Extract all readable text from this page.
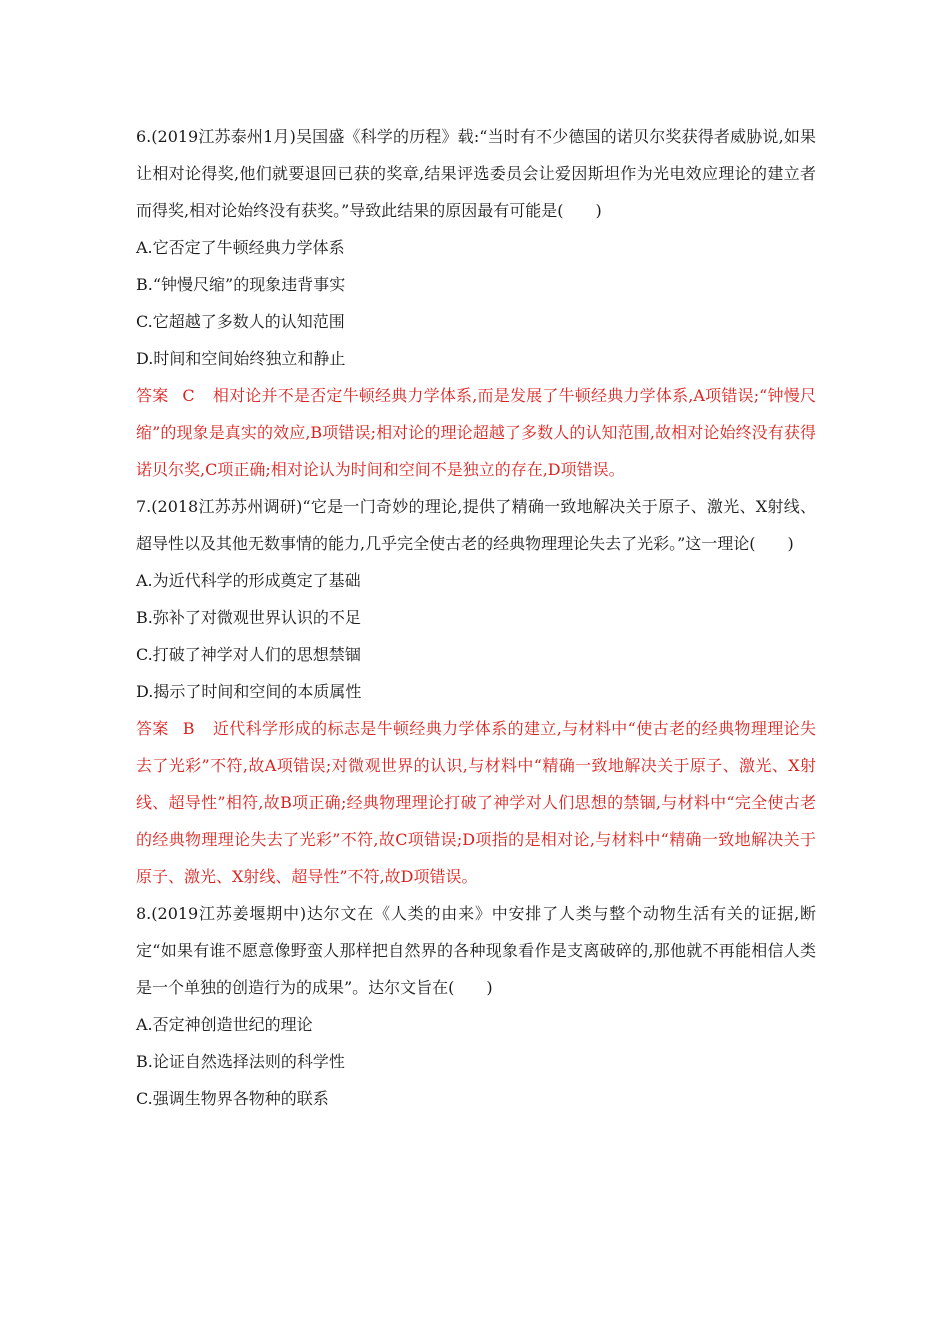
6.(2019江苏泰州1月)吴国盛《科学的历程》载:“当时有不少德国的诺贝尔奖获得者威胁说,如果让相对论得奖,他们就要退回已获的奖章,结果评选委员会让爱因斯坦作为光电效应理论的建立者而得奖,相对论始终没有获奖。”导致此结果的原因最有可能是(　　)

A.它否定了牛顿经典力学体系

B.“钟慢尺缩”的现象违背事实

C.它超越了多数人的认知范围

D.时间和空间始终独立和静止

答案 C 相对论并不是否定牛顿经典力学体系,而是发展了牛顿经典力学体系,A项错误;“钟慢尺缩”的现象是真实的效应,B项错误;相对论的理论超越了多数人的认知范围,故相对论始终没有获得诺贝尔奖,C项正确;相对论认为时间和空间不是独立的存在,D项错误。

7.(2018江苏苏州调研)“它是一门奇妙的理论,提供了精确一致地解决关于原子、激光、X射线、超导性以及其他无数事情的能力,几乎完全使古老的经典物理理论失去了光彩。”这一理论(　　)

A.为近代科学的形成奠定了基础

B.弥补了对微观世界认识的不足

C.打破了神学对人们的思想禁锢

D.揭示了时间和空间的本质属性

答案 B 近代科学形成的标志是牛顿经典力学体系的建立,与材料中“使古老的经典物理理论失去了光彩”不符,故A项错误;对微观世界的认识,与材料中“精确一致地解决关于原子、激光、X射线、超导性”相符,故B项正确;经典物理理论打破了神学对人们思想的禁锢,与材料中“完全使古老的经典物理理论失去了光彩”不符,故C项错误;D项指的是相对论,与材料中“精确一致地解决关于原子、激光、X射线、超导性”不符,故D项错误。

8.(2019江苏姜堰期中)达尔文在《人类的由来》中安排了人类与整个动物生活有关的证据,断定“如果有谁不愿意像野蛮人那样把自然界的各种现象看作是支离破碎的,那他就不再能相信人类是一个单独的创造行为的成果”。达尔文旨在(　　)

A.否定神创造世纪的理论

B.论证自然选择法则的科学性

C.强调生物界各物种的联系
